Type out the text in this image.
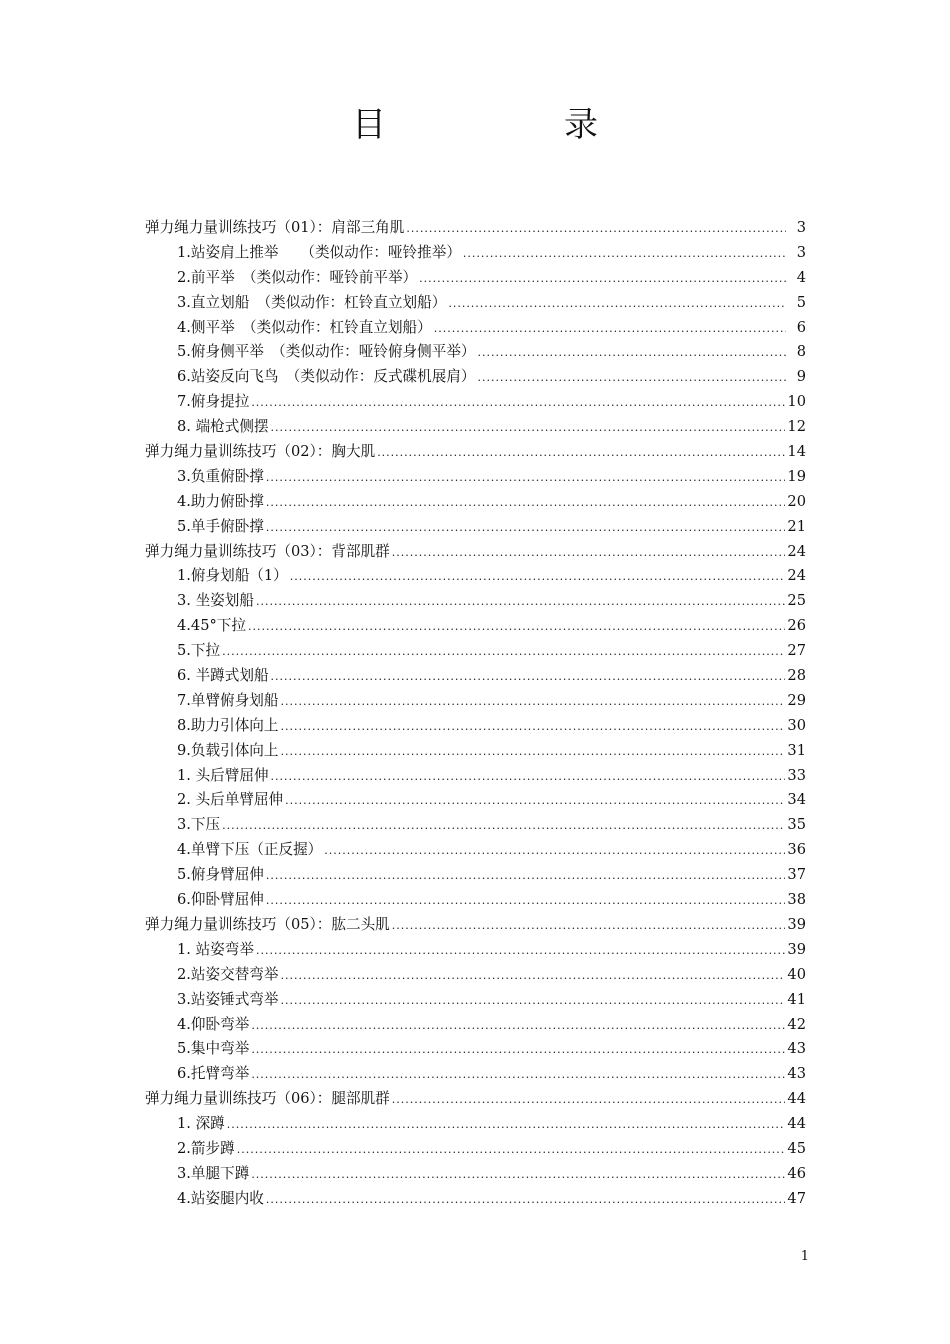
目　录
弹力绳力量训练技巧（01）：肩部三角肌 .....	3
1.站姿肩上推举　　（类似动作：哑铃推举） .....	3
2.前平举　（类似动作：哑铃前平举） .....	4
3.直立划船　（类似动作：杠铃直立划船） .....	5
4.侧平举　（类似动作：杠铃直立划船） .....	6
5.俯身侧平举　（类似动作：哑铃俯身侧平举） .....	8
6.站姿反向飞鸟　（类似动作：反式碟机展肩） .....	9
7.俯身提拉 .....	10
8. 端枪式侧摆 .....	12
弹力绳力量训练技巧（02）：胸大肌 .....	14
3.负重俯卧撑 .....	19
4.助力俯卧撑 .....	20
5.单手俯卧撑 .....	21
弹力绳力量训练技巧（03）：背部肌群 .....	24
1.俯身划船（1） .....	24
3. 坐姿划船 .....	25
4.45°下拉 .....	26
5.下拉 .....	27
6. 半蹲式划船 .....	28
7.单臂俯身划船 .....	29
8.助力引体向上 .....	30
9.负载引体向上 .....	31
1. 头后臂屈伸 .....	33
2. 头后单臂屈伸 .....	34
3.下压 .....	35
4.单臂下压（正反握） .....	36
5.俯身臂屈伸 .....	37
6.仰卧臂屈伸 .....	38
弹力绳力量训练技巧（05）：肱二头肌 .....	39
1. 站姿弯举 .....	39
2.站姿交替弯举 .....	40
3.站姿锤式弯举 .....	41
4.仰卧弯举 .....	42
5.集中弯举 .....	43
6.托臂弯举 .....	43
弹力绳力量训练技巧（06）：腿部肌群 .....	44
1. 深蹲 .....	44
2.箭步蹲 .....	45
3.单腿下蹲 .....	46
4.站姿腿内收 .....	47
1
